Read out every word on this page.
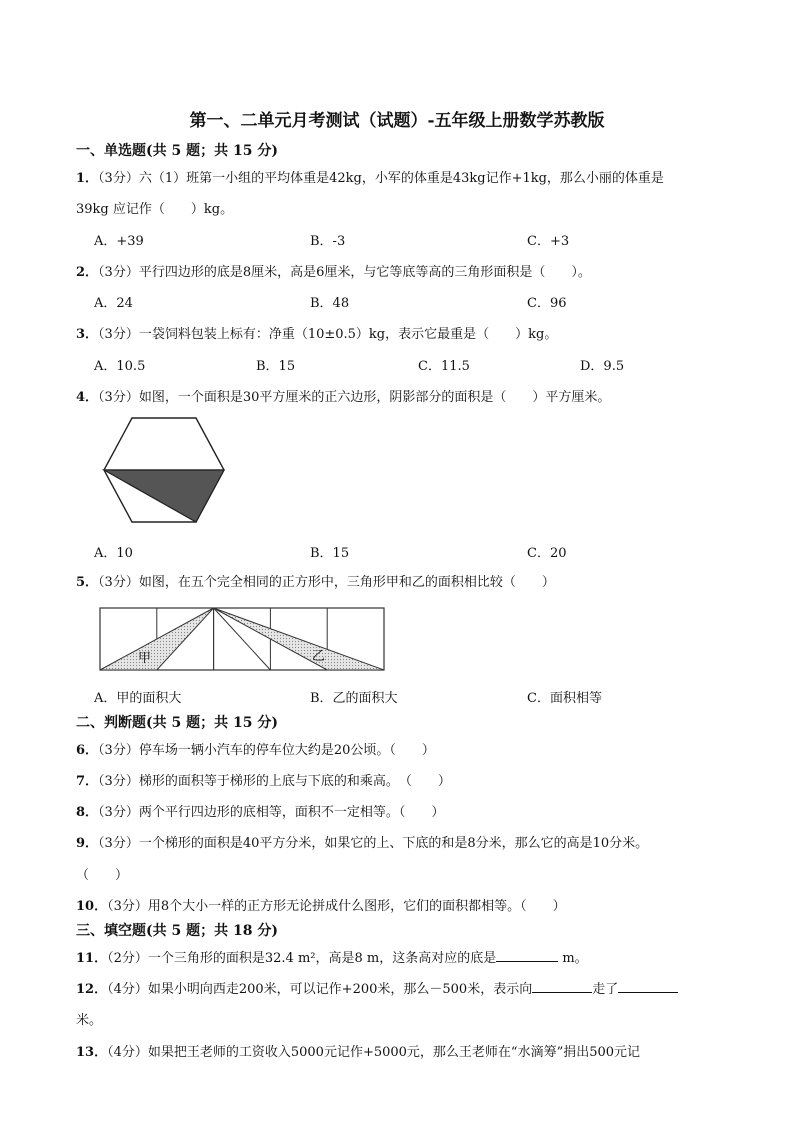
第一、二单元月考测试（试题）-五年级上册数学苏教版
一、单选题(共 5 题；共 15 分)
1．（3分）六（1）班第一小组的平均体重是42kg，小军的体重是43kg记作+1kg，那么小丽的体重是
39kg 应记作（　　）kg。
A．+39	B．-3	C．+3
2．（3分）平行四边形的底是8厘米，高是6厘米，与它等底等高的三角形面积是（　　）。
A．24	B．48	C．96
3．（3分）一袋饲料包装上标有：净重（10±0.5）kg，表示它最重是（　　）kg。
A．10.5	B．15	C．11.5	D．9.5
4．（3分）如图，一个面积是30平方厘米的正六边形，阴影部分的面积是（　　）平方厘米。
A．10	B．15	C．20
5．（3分）如图，在五个完全相同的正方形中，三角形甲和乙的面积相比较（　　）
甲	乙
A．甲的面积大	B．乙的面积大	C．面积相等
二、判断题(共 5 题；共 15 分)
6．（3分）停车场一辆小汽车的停车位大约是20公顷。（　　）
7．（3分）梯形的面积等于梯形的上底与下底的和乘高。　（　　）
8．（3分）两个平行四边形的底相等，面积不一定相等。（　　）
9．（3分）一个梯形的面积是40平方分米，如果它的上、下底的和是8分米，那么它的高是10分米。
（　　）
10．（3分）用8个大小一样的正方形无论拼成什么图形，它们的面积都相等。（　　）
三、填空题(共 5 题；共 18 分)
11．（2分）一个三角形的面积是32.4 m²，高是8 m，这条高对应的底是	m。
12．（4分）如果小明向西走200米，可以记作+200米，那么－500米，表示向	走了
米。
13．（4分）如果把王老师的工资收入5000元记作+5000元，那么王老师在“水滴筹”捐出500元记
